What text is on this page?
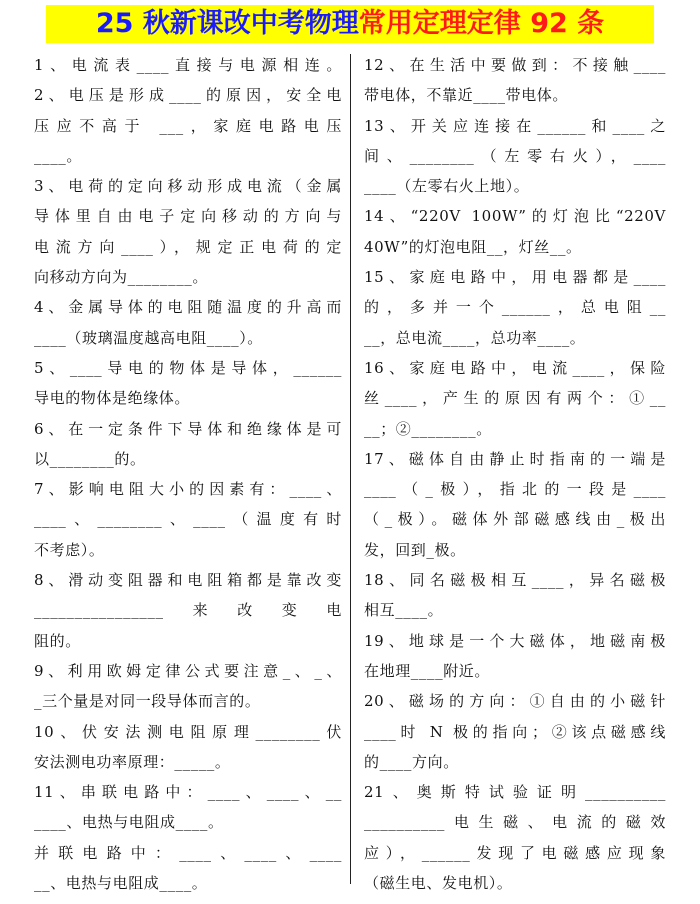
25 秋新课改中考物理常用定理定律 92 条
1、电流表____直接与电源相连。
2、电压是形成____的原因，安全电
压应不高于 ___，家庭电路电压
____。
3、电荷的定向移动形成电流（金属
导体里自由电子定向移动的方向与
电流方向____），规定正电荷的定
向移动方向为________。
4、金属导体的电阻随温度的升高而
____（玻璃温度越高电阻____）。
5、____导电的物体是导体，______
导电的物体是绝缘体。
6、在一定条件下导体和绝缘体是可
以________的。
7、影响电阻大小的因素有：____、
____、________、____（温度有时
不考虑）。
8、滑动变阻器和电阻箱都是靠改变
________________来改变电
阻的。
9、利用欧姆定律公式要注意_、_、
_三个量是对同一段导体而言的。
10、伏安法测电阻原理________伏
安法测电功率原理：_____。
11、串联电路中：____、____、__
____、电热与电阻成____。
并联电路中：____、____、____
__、电热与电阻成____。
12、在生活中要做到：不接触____
带电体，不靠近____带电体。
13、开关应连接在______和____之
间、________（左零右火），____
____（左零右火上地）。
14、“220V 100W”的灯泡比“220V
40W”的灯泡电阻__，灯丝__。
15、家庭电路中，用电器都是____
的，多并一个______，总电阻__
__，总电流____，总功率____。
16、家庭电路中，电流____，保险
丝____，产生的原因有两个：①__
__；②________。
17、磁体自由静止时指南的一端是
____（_极），指北的一段是____
（_极）。磁体外部磁感线由_极出
发，回到_极。
18、同名磁极相互____，异名磁极
相互____。
19、地球是一个大磁体，地磁南极
在地理____附近。
20、磁场的方向：①自由的小磁针
____时 N 极的指向；②该点磁感线
的____方向。
21、奥斯特试验证明__________
__________电生磁、电流的磁效
应），______发现了电磁感应现象
（磁生电、发电机）。
